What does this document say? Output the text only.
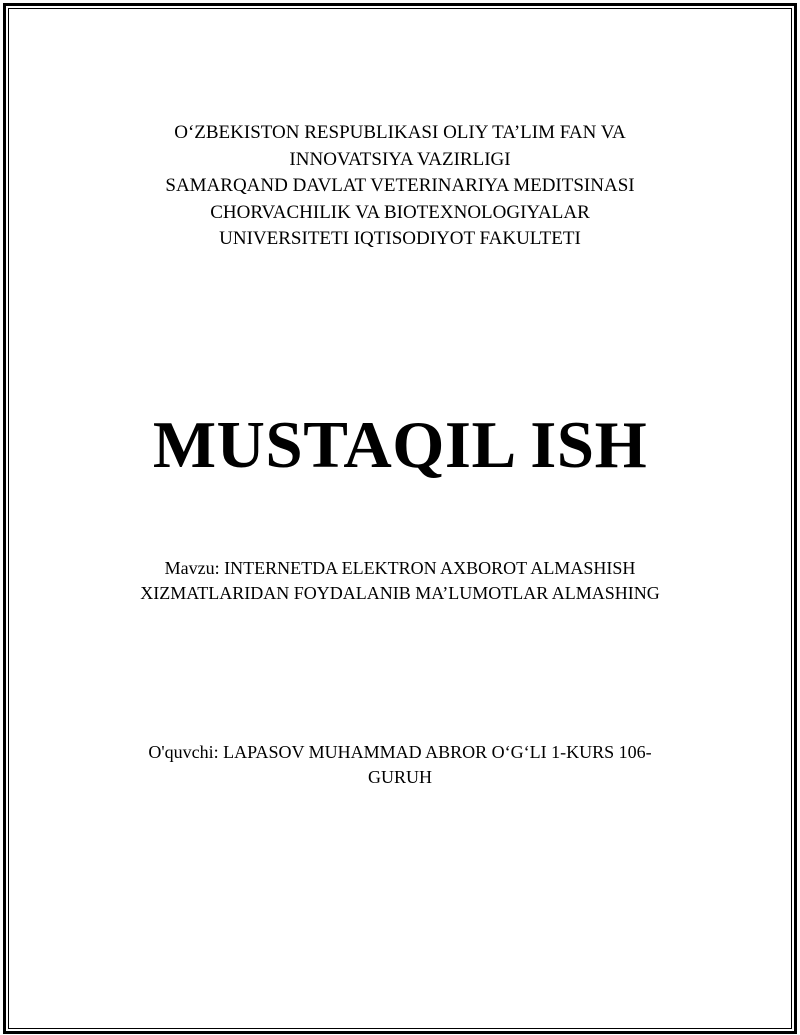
O‘ZBEKISTON RESPUBLIKASI OLIY TA’LIM FAN VA
INNOVATSIYA VAZIRLIGI
SAMARQAND DAVLAT VETERINARIYA MEDITSINASI
CHORVACHILIK VA BIOTEXNOLOGIYALAR
UNIVERSITETI IQTISODIYOT FAKULTETI
MUSTAQIL ISH
Mavzu: INTERNETDA ELEKTRON AXBOROT ALMASHISH
XIZMATLARIDAN FOYDALANIB MA’LUMOTLAR ALMASHING
O'quvchi: LAPASOV MUHAMMAD ABROR O‘G‘LI 1-KURS 106-
GURUH
